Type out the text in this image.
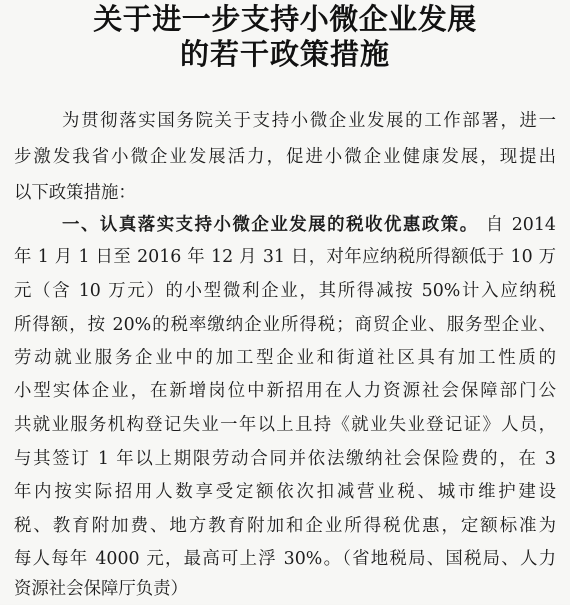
关于进一步支持小微企业发展
的若干政策措施
为贯彻落实国务院关于支持小微企业发展的工作部署，进一
步激发我省小微企业发展活力，促进小微企业健康发展，现提出
以下政策措施：
一、认真落实支持小微企业发展的税收优惠政策。 自 2014
年 1 月 1 日至 2016 年 12 月 31 日，对年应纳税所得额低于 10 万
元（含 10 万元）的小型微利企业，其所得减按 50%计入应纳税
所得额，按 20%的税率缴纳企业所得税；商贸企业、服务型企业、
劳动就业服务企业中的加工型企业和街道社区具有加工性质的
小型实体企业，在新增岗位中新招用在人力资源社会保障部门公
共就业服务机构登记失业一年以上且持《就业失业登记证》人员，
与其签订 1 年以上期限劳动合同并依法缴纳社会保险费的，在 3
年内按实际招用人数享受定额依次扣减营业税、城市维护建设
税、教育附加费、地方教育附加和企业所得税优惠，定额标准为
每人每年 4000 元，最高可上浮 30%。（省地税局、国税局、人力
资源社会保障厅负责）
